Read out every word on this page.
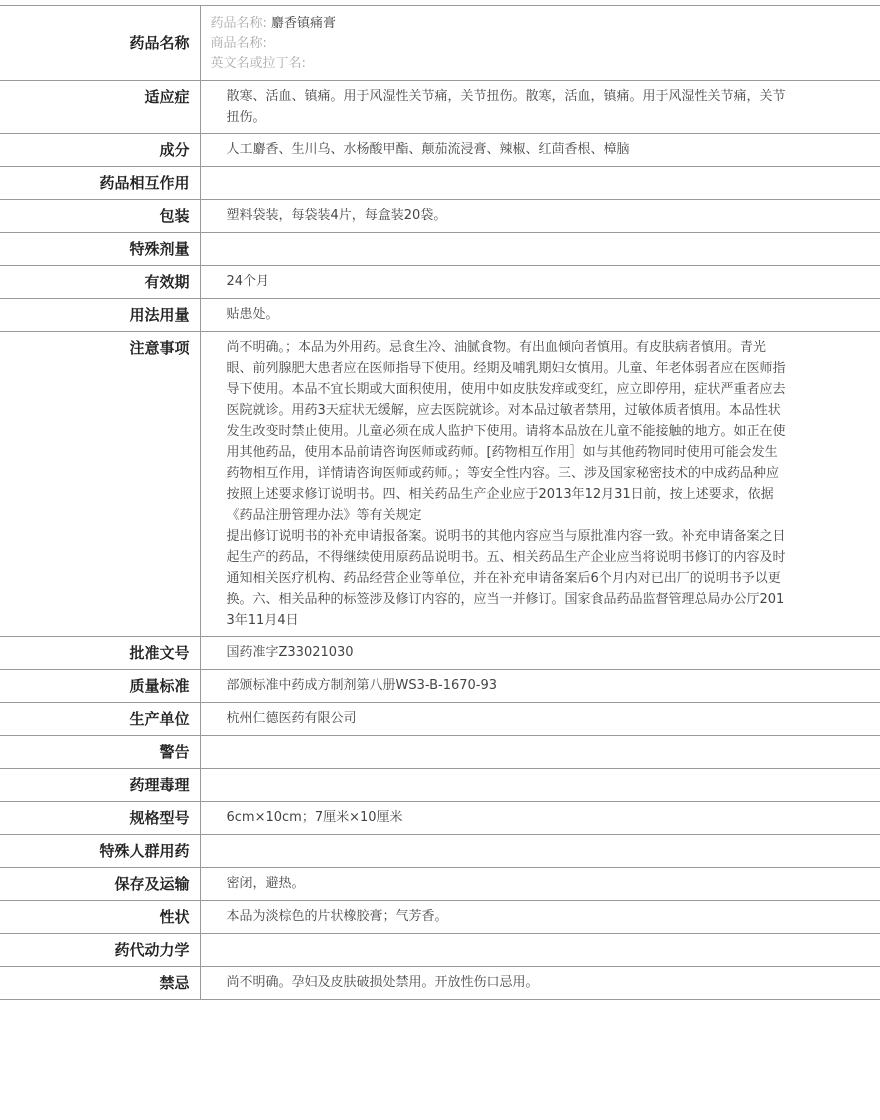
药品名称	药品名称: 麝香镇痛膏
商品名称:
英文名或拉丁名:

适应症	散寒、活血、镇痛。用于风湿性关节痛，关节扭伤。散寒，活血，镇痛。用于风湿性关节痛，关节扭伤。

成分	人工麝香、生川乌、水杨酸甲酯、颠茄流浸膏、辣椒、红茴香根、樟脑

药品相互作用	

包装	塑料袋装，每袋装4片，每盒装20袋。

特殊剂量	

有效期	24个月

用法用量	贴患处。

注意事项	尚不明确。；本品为外用药。忌食生冷、油腻食物。有出血倾向者慎用。有皮肤病者慎用。青光眼、前列腺肥大患者应在医师指导下使用。经期及哺乳期妇女慎用。儿童、年老体弱者应在医师指导下使用。本品不宜长期或大面积使用，使用中如皮肤发痒或变红，应立即停用，症状严重者应去医院就诊。用药3天症状无缓解，应去医院就诊。对本品过敏者禁用，过敏体质者慎用。本品性状发生改变时禁止使用。儿童必须在成人监护下使用。请将本品放在儿童不能接触的地方。如正在使用其他药品，使用本品前请咨询医师或药师。[药物相互作用］如与其他药物同时使用可能会发生药物相互作用，详情请咨询医师或药师。；等安全性内容。三、涉及国家秘密技术的中成药品种应按照上述要求修订说明书。四、相关药品生产企业应于2013年12月31日前，按上述要求，依据《药品注册管理办法》等有关规定
提出修订说明书的补充申请报备案。说明书的其他内容应当与原批准内容一致。补充申请备案之日起生产的药品，不得继续使用原药品说明书。五、相关药品生产企业应当将说明书修订的内容及时通知相关医疗机构、药品经营企业等单位，并在补充申请备案后6个月内对已出厂的说明书予以更换。六、相关品种的标签涉及修订内容的，应当一并修订。国家食品药品监督管理总局办公厅2013年11月4日

批准文号	国药准字Z33021030

质量标准	部颁标准中药成方制剂第八册WS3-B-1670-93

生产单位	杭州仁德医药有限公司

警告	

药理毒理	

规格型号	6cm×10cm；7厘米×10厘米

特殊人群用药	

保存及运输	密闭，避热。

性状	本品为淡棕色的片状橡胶膏；气芳香。

药代动力学	

禁忌	尚不明确。孕妇及皮肤破损处禁用。开放性伤口忌用。
